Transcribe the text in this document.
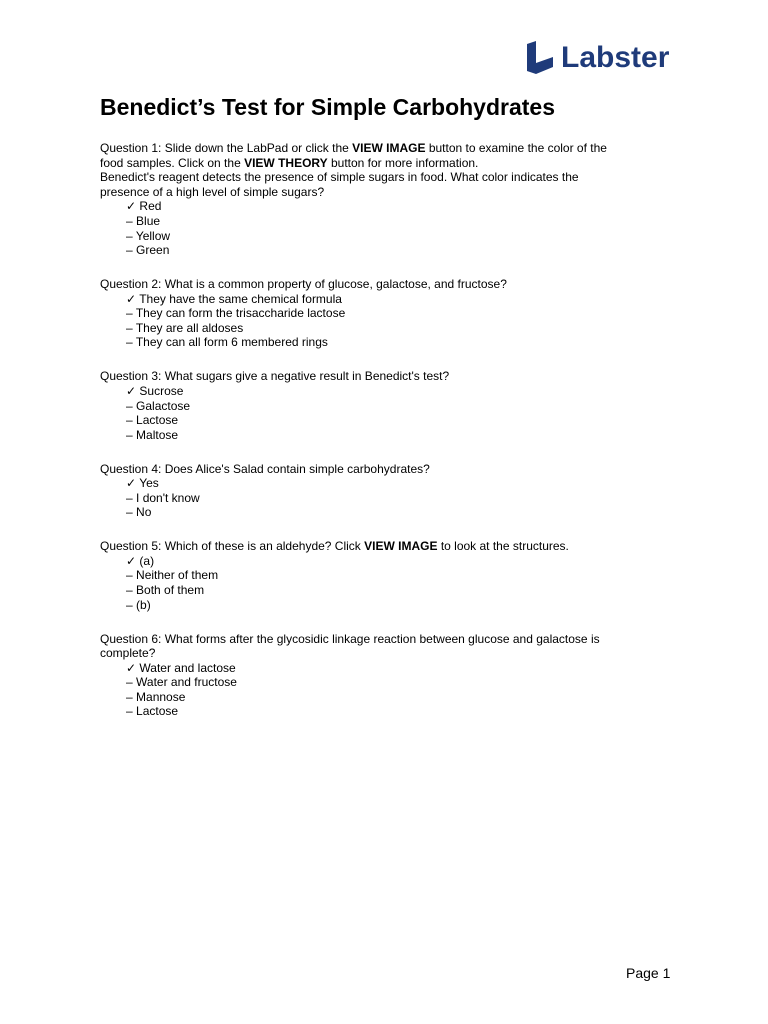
Labster
Benedict’s Test for Simple Carbohydrates

Question 1: Slide down the LabPad or click the VIEW IMAGE button to examine the color of the

food samples. Click on the VIEW THEORY button for more information.

Benedict's reagent detects the presence of simple sugars in food. What color indicates the

presence of a high level of simple sugars?

✓ Red
– Blue
– Yellow
– Green

Question 2: What is a common property of glucose, galactose, and fructose?

✓ They have the same chemical formula
– They can form the trisaccharide lactose
– They are all aldoses
– They can all form 6 membered rings

Question 3: What sugars give a negative result in Benedict's test?

✓ Sucrose
– Galactose
– Lactose
– Maltose

Question 4: Does Alice's Salad contain simple carbohydrates?

✓ Yes
– I don't know
– No

Question 5: Which of these is an aldehyde? Click VIEW IMAGE to look at the structures.

✓ (a)
– Neither of them
– Both of them
– (b)

Question 6: What forms after the glycosidic linkage reaction between glucose and galactose is

complete?

✓ Water and lactose
– Water and fructose
– Mannose
– Lactose
Page 1
